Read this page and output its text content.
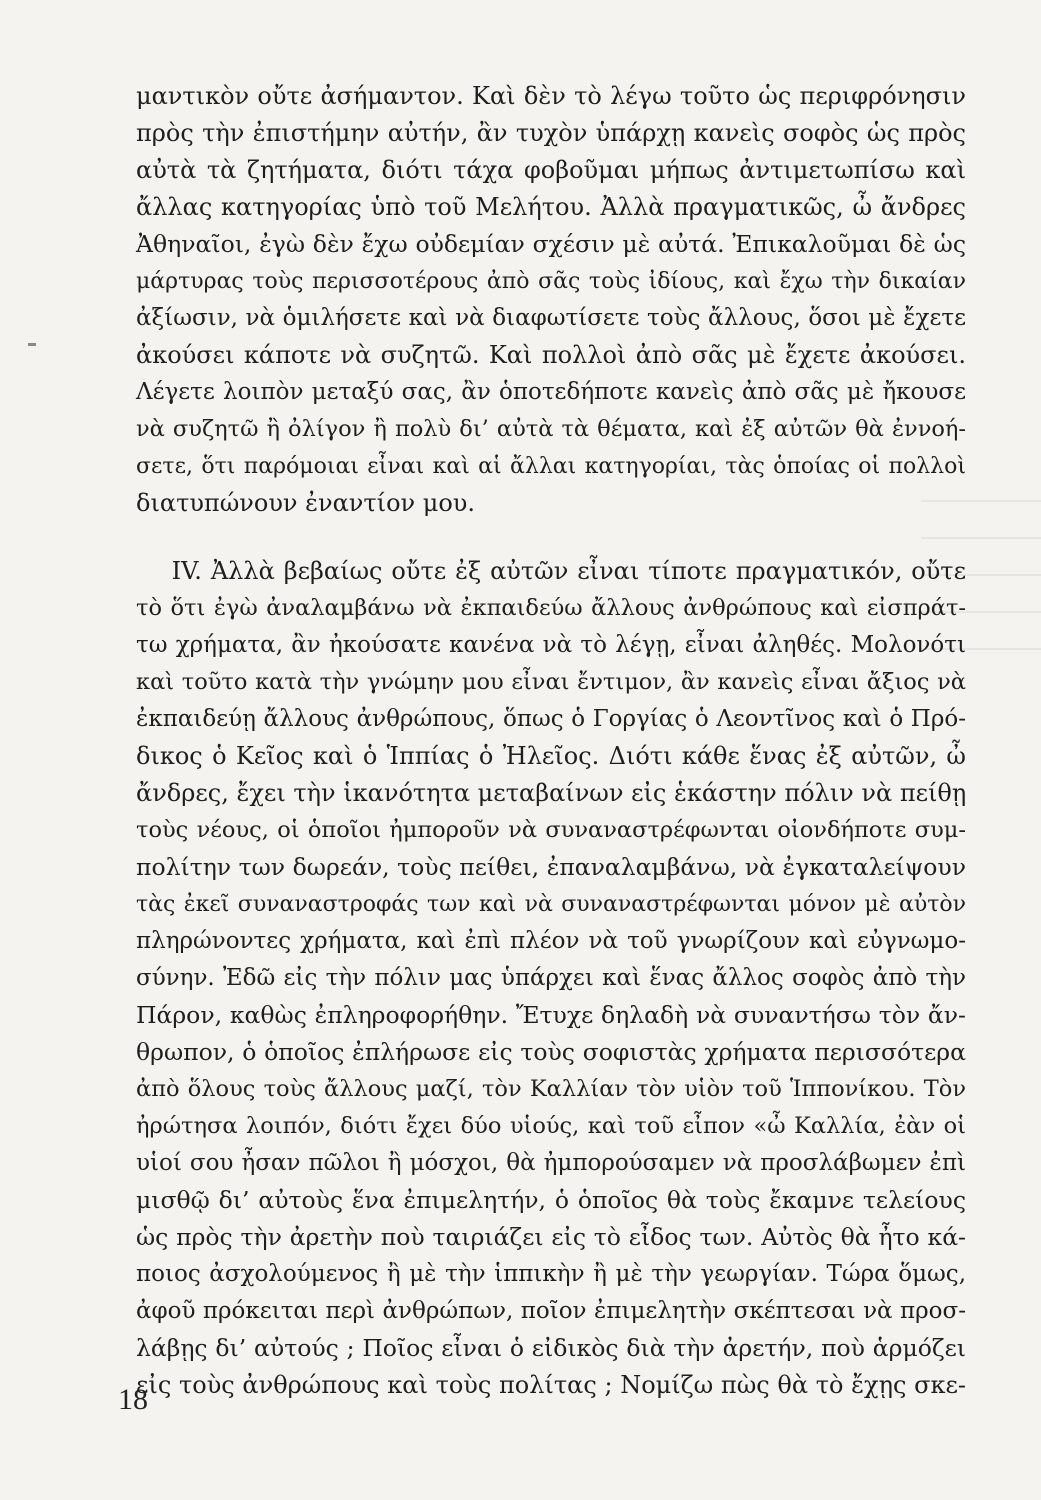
μαντικὸν οὔτε ἀσήμαντον. Καὶ δὲν τὸ λέγω τοῦτο ὡς περιφρόνησιν
πρὸς τὴν ἐπιστήμην αὐτήν, ἂν τυχὸν ὑπάρχῃ κανεὶς σοφὸς ὡς πρὸς
αὐτὰ τὰ ζητήματα, διότι τάχα φοβοῦμαι μήπως ἀντιμετωπίσω καὶ
ἄλλας κατηγορίας ὑπὸ τοῦ Μελήτου. Ἀλλὰ πραγματικῶς, ὦ ἄνδρες
Ἀθηναῖοι, ἐγὼ δὲν ἔχω οὐδεμίαν σχέσιν μὲ αὐτά. Ἐπικαλοῦμαι δὲ ὡς
μάρτυρας τοὺς περισσοτέρους ἀπὸ σᾶς τοὺς ἰδίους, καὶ ἔχω τὴν δικαίαν
ἀξίωσιν, νὰ ὁμιλήσετε καὶ νὰ διαφωτίσετε τοὺς ἄλλους, ὅσοι μὲ ἔχετε
ἀκούσει κάποτε νὰ συζητῶ. Καὶ πολλοὶ ἀπὸ σᾶς μὲ ἔχετε ἀκούσει.
Λέγετε λοιπὸν μεταξύ σας, ἂν ὁποτεδήποτε κανεὶς ἀπὸ σᾶς μὲ ἤκουσε
νὰ συζητῶ ἢ ὀλίγον ἢ πολὺ δι’ αὐτὰ τὰ θέματα, καὶ ἐξ αὐτῶν θὰ ἐννοή-
σετε, ὅτι παρόμοιαι εἶναι καὶ αἱ ἄλλαι κατηγορίαι, τὰς ὁποίας οἱ πολλοὶ
διατυπώνουν ἐναντίον μου.
IV. Ἀλλὰ βεβαίως οὔτε ἐξ αὐτῶν εἶναι τίποτε πραγματικόν, οὔτε
τὸ ὅτι ἐγὼ ἀναλαμβάνω νὰ ἐκπαιδεύω ἄλλους ἀνθρώπους καὶ εἰσπράτ-
τω χρήματα, ἂν ἠκούσατε κανένα νὰ τὸ λέγῃ, εἶναι ἀληθές. Μολονότι
καὶ τοῦτο κατὰ τὴν γνώμην μου εἶναι ἔντιμον, ἂν κανεὶς εἶναι ἄξιος νὰ
ἐκπαιδεύῃ ἄλλους ἀνθρώπους, ὅπως ὁ Γοργίας ὁ Λεοντῖνος καὶ ὁ Πρό-
δικος ὁ Κεῖος καὶ ὁ Ἱππίας ὁ Ἠλεῖος. Διότι κάθε ἕνας ἐξ αὐτῶν, ὦ
ἄνδρες, ἔχει τὴν ἱκανότητα μεταβαίνων εἰς ἑκάστην πόλιν νὰ πείθῃ
τοὺς νέους, οἱ ὁποῖοι ἠμποροῦν νὰ συναναστρέφωνται οἰονδήποτε συμ-
πολίτην των δωρεάν, τοὺς πείθει, ἐπαναλαμβάνω, νὰ ἐγκαταλείψουν
τὰς ἐκεῖ συναναστροφάς των καὶ νὰ συναναστρέφωνται μόνον μὲ αὐτὸν
πληρώνοντες χρήματα, καὶ ἐπὶ πλέον νὰ τοῦ γνωρίζουν καὶ εὐγνωμο-
σύνην. Ἐδῶ εἰς τὴν πόλιν μας ὑπάρχει καὶ ἕνας ἄλλος σοφὸς ἀπὸ τὴν
Πάρον, καθὼς ἐπληροφορήθην. Ἔτυχε δηλαδὴ νὰ συναντήσω τὸν ἄν-
θρωπον, ὁ ὁποῖος ἐπλήρωσε εἰς τοὺς σοφιστὰς χρήματα περισσότερα
ἀπὸ ὅλους τοὺς ἄλλους μαζί, τὸν Καλλίαν τὸν υἱὸν τοῦ Ἱππονίκου. Τὸν
ἠρώτησα λοιπόν, διότι ἔχει δύο υἱούς, καὶ τοῦ εἶπον «ὦ Καλλία, ἐὰν οἱ
υἱοί σου ἦσαν πῶλοι ἢ μόσχοι, θὰ ἠμπορούσαμεν νὰ προσλάβωμεν ἐπὶ
μισθῷ δι’ αὐτοὺς ἕνα ἐπιμελητήν, ὁ ὁποῖος θὰ τοὺς ἔκαμνε τελείους
ὡς πρὸς τὴν ἀρετὴν ποὺ ταιριάζει εἰς τὸ εἶδος των. Αὐτὸς θὰ ἦτο κά-
ποιος ἀσχολούμενος ἢ μὲ τὴν ἱππικὴν ἢ μὲ τὴν γεωργίαν. Τώρα ὅμως,
ἀφοῦ πρόκειται περὶ ἀνθρώπων, ποῖον ἐπιμελητὴν σκέπτεσαι νὰ προσ-
λάβῃς δι’ αὐτούς ; Ποῖος εἶναι ὁ εἰδικὸς διὰ τὴν ἀρετήν, ποὺ ἁρμόζει
εἰς τοὺς ἀνθρώπους καὶ τοὺς πολίτας ; Νομίζω πὼς θὰ τὸ ἔχῃς σκε-
18
